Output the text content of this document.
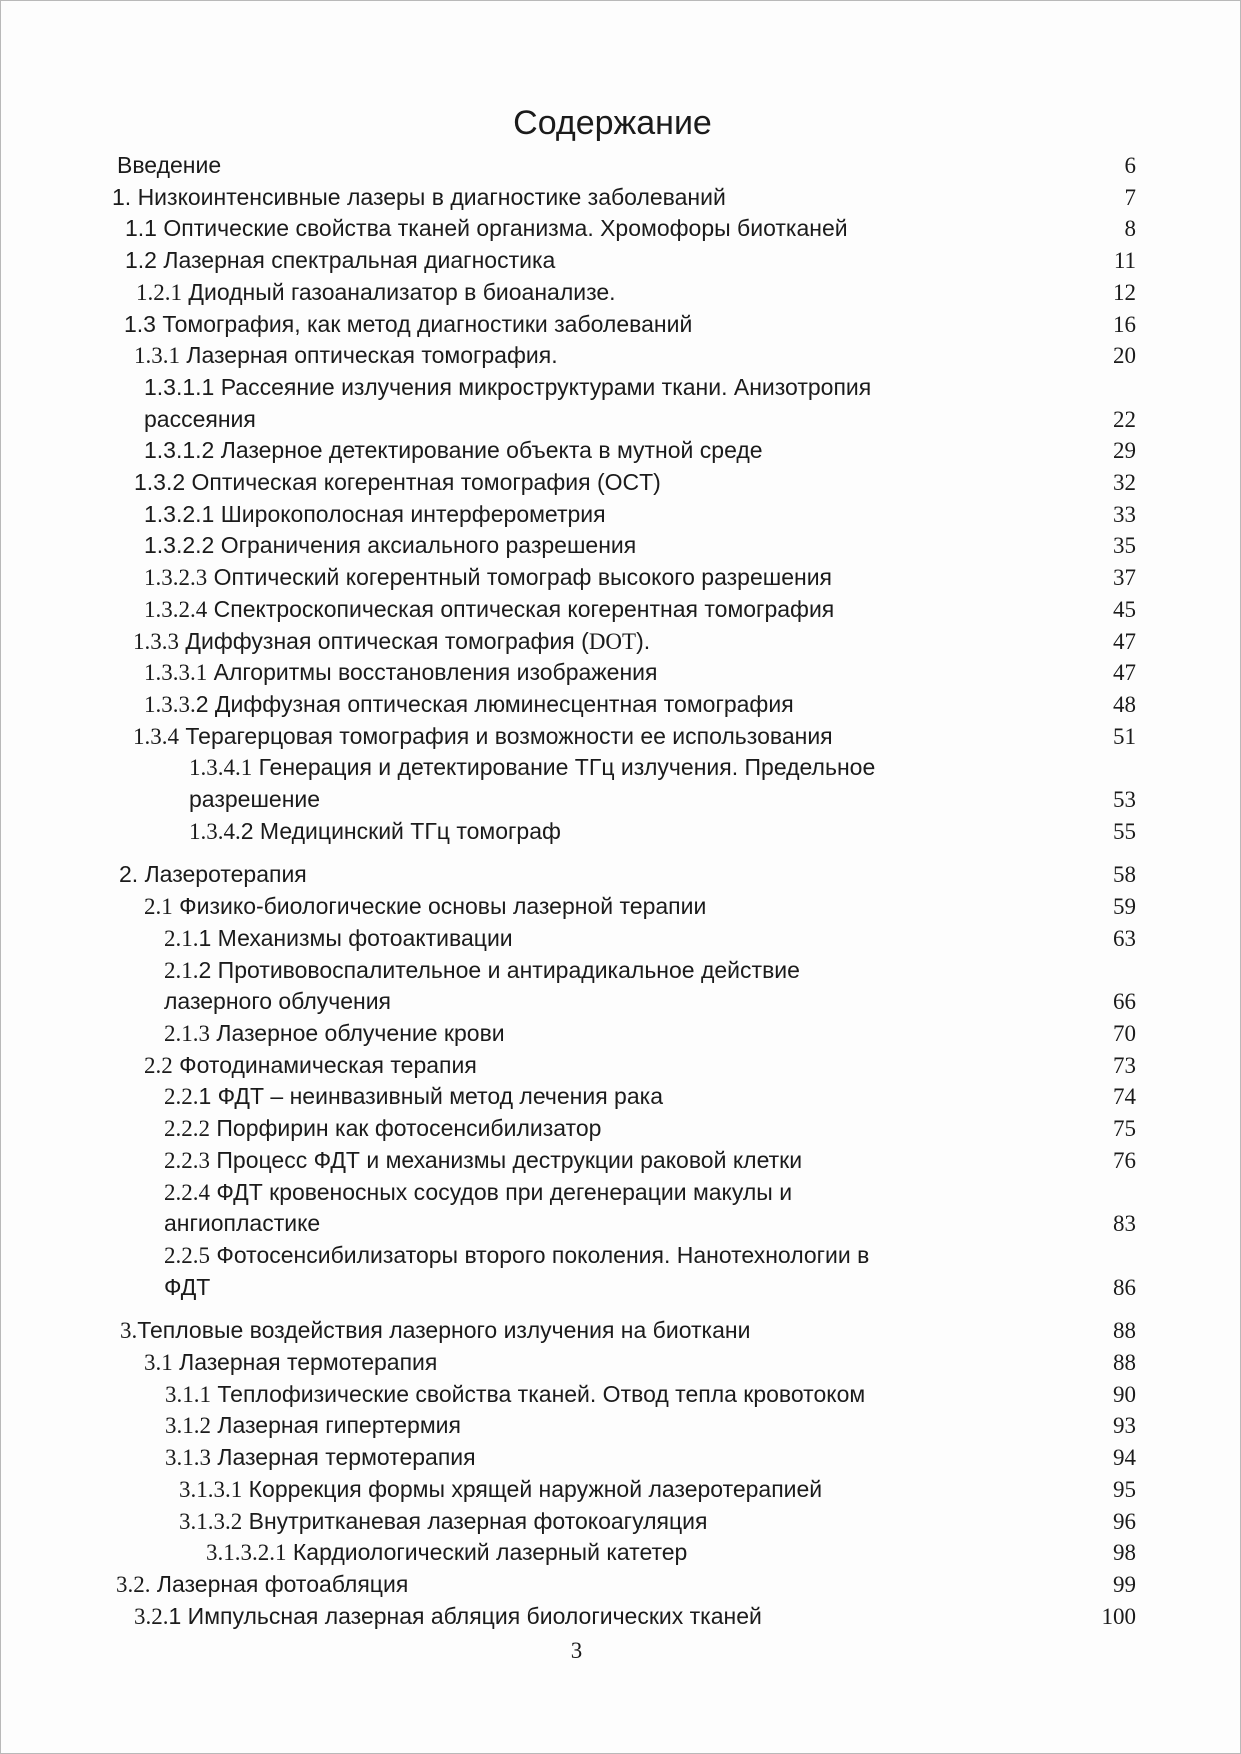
Содержание
Введение	6
1. Низкоинтенсивные лазеры в диагностике заболеваний	7
1.1 Оптические свойства тканей организма. Хромофоры биотканей	8
1.2 Лазерная спектральная диагностика	11
1.2.1 Диодный газоанализатор в биоанализе.	12
1.3 Томография, как метод диагностики заболеваний	16
1.3.1 Лазерная оптическая томография.	20
1.3.1.1 Рассеяние излучения микроструктурами ткани. Анизотропия
рассеяния	22
1.3.1.2 Лазерное детектирование объекта в мутной среде	29
1.3.2 Оптическая когерентная томография (OCT)	32
1.3.2.1 Широкополосная интерферометрия	33
1.3.2.2 Ограничения аксиального разрешения	35
1.3.2.3 Оптический когерентный томограф высокого разрешения	37
1.3.2.4 Спектроскопическая оптическая когерентная томография	45
1.3.3 Диффузная оптическая томография (DOT).	47
1.3.3.1 Алгоритмы восстановления изображения	47
1.3.3.2 Диффузная оптическая люминесцентная томография	48
1.3.4 Терагерцовая томография и возможности ее использования	51
1.3.4.1 Генерация и детектирование ТГц излучения. Предельное
разрешение	53
1.3.4.2 Медицинский ТГц томограф	55
2. Лазеротерапия	58
2.1 Физико-биологические основы лазерной терапии	59
2.1.1 Механизмы фотоактивации	63
2.1.2 Противовоспалительное и антирадикальное действие
лазерного облучения	66
2.1.3 Лазерное облучение крови	70
2.2 Фотодинамическая терапия	73
2.2.1 ФДТ – неинвазивный метод лечения рака	74
2.2.2 Порфирин как фотосенсибилизатор	75
2.2.3 Процесс ФДТ и механизмы деструкции раковой клетки	76
2.2.4 ФДТ кровеносных сосудов при дегенерации макулы и
ангиопластике	83
2.2.5 Фотосенсибилизаторы второго поколения. Нанотехнологии в
ФДТ	86
3.Тепловые воздействия лазерного излучения на биоткани	88
3.1 Лазерная термотерапия	88
3.1.1 Теплофизические свойства тканей. Отвод тепла кровотоком	90
3.1.2 Лазерная гипертермия	93
3.1.3 Лазерная термотерапия	94
3.1.3.1 Коррекция формы хрящей наружной лазеротерапией	95
3.1.3.2 Внутритканевая лазерная фотокоагуляция	96
3.1.3.2.1 Кардиологический лазерный катетер	98
3.2. Лазерная фотоабляция	99
3.2.1 Импульсная лазерная абляция биологических тканей	100
3
